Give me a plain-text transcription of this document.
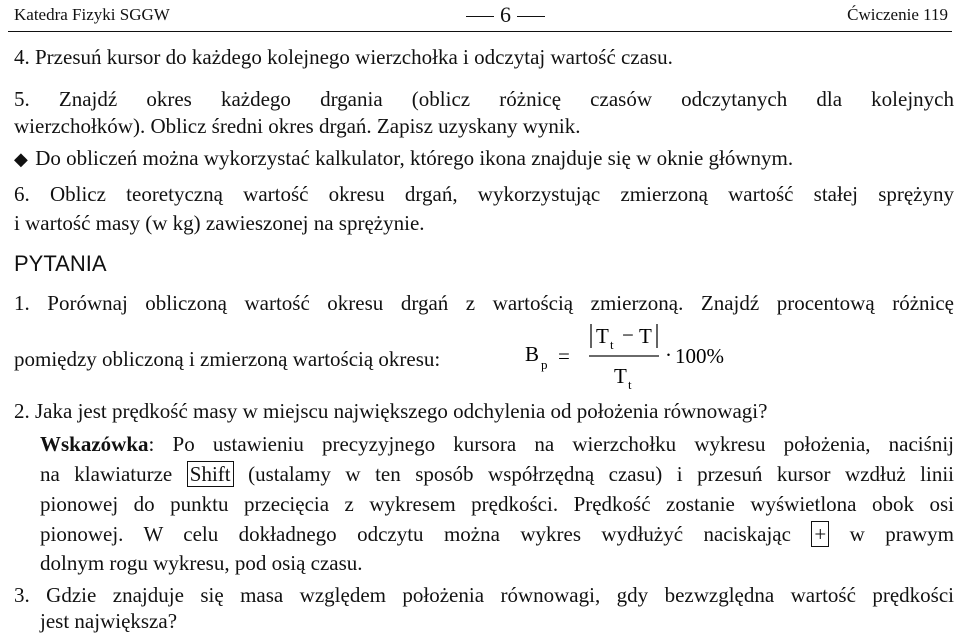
Katedra Fizyki SGGW	6	Ćwiczenie 119
4. Przesuń kursor do każdego kolejnego wierzchołka i odczytaj wartość czasu.
5. Znajdź okres każdego drgania (oblicz różnicę czasów odczytanych dla kolejnych
wierzchołków). Oblicz średni okres drgań. Zapisz uzyskany wynik.
◆ Do obliczeń można wykorzystać kalkulator, którego ikona znajduje się w oknie głównym.
6. Oblicz teoretyczną wartość okresu drgań, wykorzystując zmierzoną wartość stałej sprężyny
i wartość masy (w kg) zawieszonej na sprężynie.
PYTANIA
1. Porównaj obliczoną wartość okresu drgań z wartością zmierzoną. Znajdź procentową różnicę
pomiędzy obliczoną i zmierzoną wartością okresu:	B p =
T t − T
T t
· 100%
2. Jaka jest prędkość masy w miejscu największego odchylenia od położenia równowagi?
Wskazówka: Po ustawieniu precyzyjnego kursora na wierzchołku wykresu położenia, naciśnij
na klawiaturze Shift (ustalamy w ten sposób współrzędną czasu) i przesuń kursor wzdłuż linii
pionowej do punktu przecięcia z wykresem prędkości. Prędkość zostanie wyświetlona obok osi
pionowej. W celu dokładnego odczytu można wykres wydłużyć naciskając + w prawym
dolnym rogu wykresu, pod osią czasu.
3. Gdzie znajduje się masa względem położenia równowagi, gdy bezwzględna wartość prędkości
jest największa?
